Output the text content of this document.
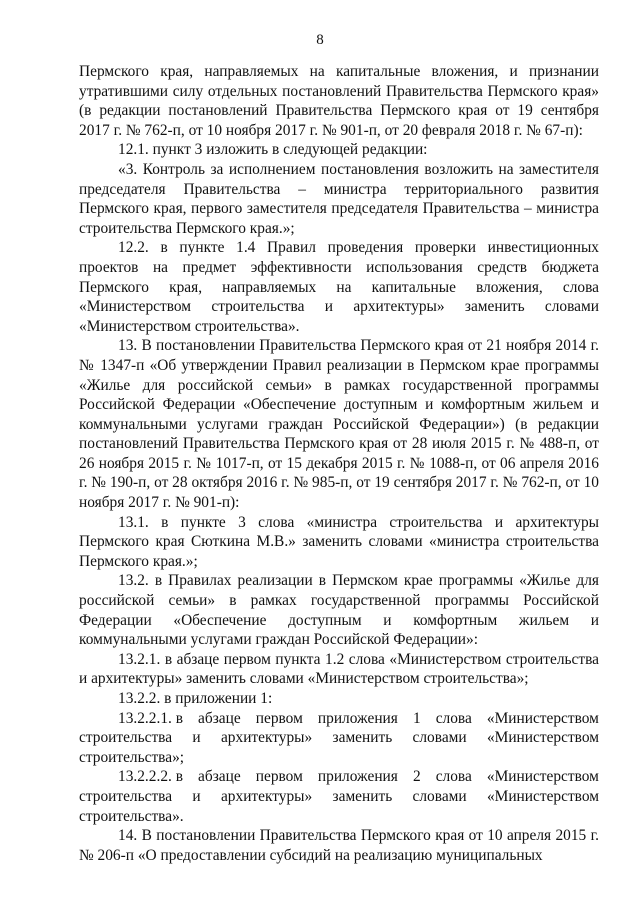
8

Пермского края, направляемых на капитальные вложения, и признании утратившими силу отдельных постановлений Правительства Пермского края» (в редакции постановлений Правительства Пермского края от 19 сентября 2017 г. № 762-п, от 10 ноября 2017 г. № 901-п, от 20 февраля 2018 г. № 67-п):

12.1. пункт 3 изложить в следующей редакции:

«3. Контроль за исполнением постановления возложить на заместителя председателя Правительства – министра территориального развития Пермского края, первого заместителя председателя Правительства – министра строительства Пермского края.»;

12.2. в пункте 1.4 Правил проведения проверки инвестиционных проектов на предмет эффективности использования средств бюджета Пермского края, направляемых на капитальные вложения, слова «Министерством строительства и архитектуры» заменить словами «Министерством строительства».

13. В постановлении Правительства Пермского края от 21 ноября 2014 г. № 1347-п «Об утверждении Правил реализации в Пермском крае программы «Жилье для российской семьи» в рамках государственной программы Российской Федерации «Обеспечение доступным и комфортным жильем и коммунальными услугами граждан Российской Федерации») (в редакции постановлений Правительства Пермского края от 28 июля 2015 г. № 488-п, от 26 ноября 2015 г. № 1017-п, от 15 декабря 2015 г. № 1088-п, от 06 апреля 2016 г. № 190-п, от 28 октября 2016 г. № 985-п, от 19 сентября 2017 г. № 762-п, от 10 ноября 2017 г. № 901-п):

13.1. в пункте 3 слова «министра строительства и архитектуры Пермского края Сюткина М.В.» заменить словами «министра строительства Пермского края.»;

13.2. в Правилах реализации в Пермском крае программы «Жилье для российской семьи» в рамках государственной программы Российской Федерации «Обеспечение доступным и комфортным жильем и коммунальными услугами граждан Российской Федерации»:

13.2.1. в абзаце первом пункта 1.2 слова «Министерством строительства и архитектуры» заменить словами «Министерством строительства»;

13.2.2. в приложении 1:

13.2.2.1. в абзаце первом приложения 1 слова «Министерством
строительства и архитектуры» заменить словами «Министерством
строительства»;
13.2.2.2. в абзаце первом приложения 2 слова «Министерством
строительства и архитектуры» заменить словами «Министерством
строительства».

14. В постановлении Правительства Пермского края от 10 апреля 2015 г. № 206-п «О предоставлении субсидий на реализацию муниципальных
